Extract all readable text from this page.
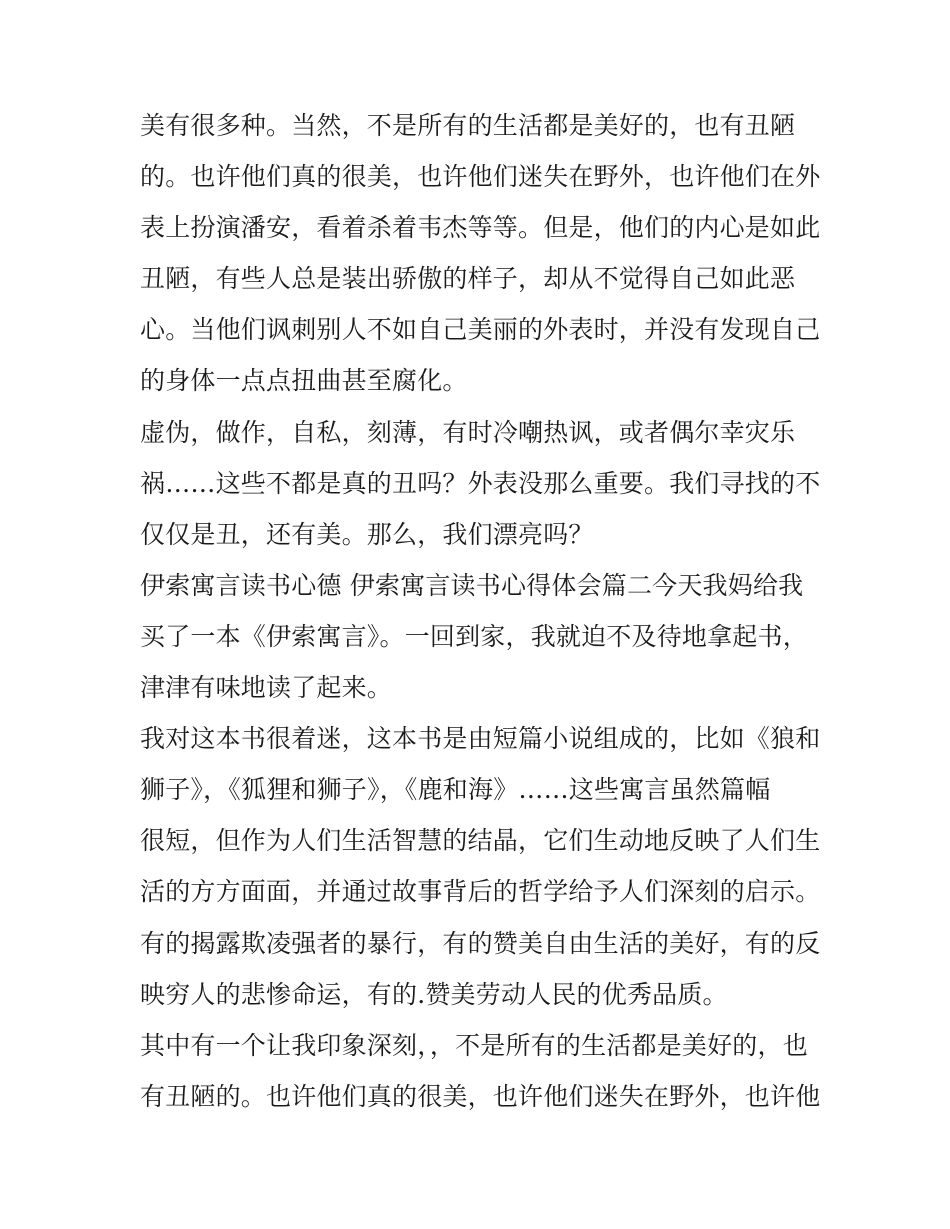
美有很多种。当然，不是所有的生活都是美好的，也有丑陋
的。也许他们真的很美，也许他们迷失在野外，也许他们在外
表上扮演潘安，看着杀着韦杰等等。但是，他们的内心是如此
丑陋，有些人总是装出骄傲的样子，却从不觉得自己如此恶
心。当他们讽刺别人不如自己美丽的外表时，并没有发现自己
的身体一点点扭曲甚至腐化。
虚伪，做作，自私，刻薄，有时冷嘲热讽，或者偶尔幸灾乐
祸……这些不都是真的丑吗？外表没那么重要。我们寻找的不
仅仅是丑，还有美。那么，我们漂亮吗？
伊索寓言读书心德 伊索寓言读书心得体会篇二今天我妈给我
买了一本《伊索寓言》。一回到家，我就迫不及待地拿起书，
津津有味地读了起来。
我对这本书很着迷，这本书是由短篇小说组成的，比如《狼和
狮子》，《狐狸和狮子》，《鹿和海》……这些寓言虽然篇幅
很短，但作为人们生活智慧的结晶，它们生动地反映了人们生
活的方方面面，并通过故事背后的哲学给予人们深刻的启示。
有的揭露欺凌强者的暴行，有的赞美自由生活的美好，有的反
映穷人的悲惨命运，有的.赞美劳动人民的优秀品质。
其中有一个让我印象深刻，，不是所有的生活都是美好的，也
有丑陋的。也许他们真的很美，也许他们迷失在野外，也许他
